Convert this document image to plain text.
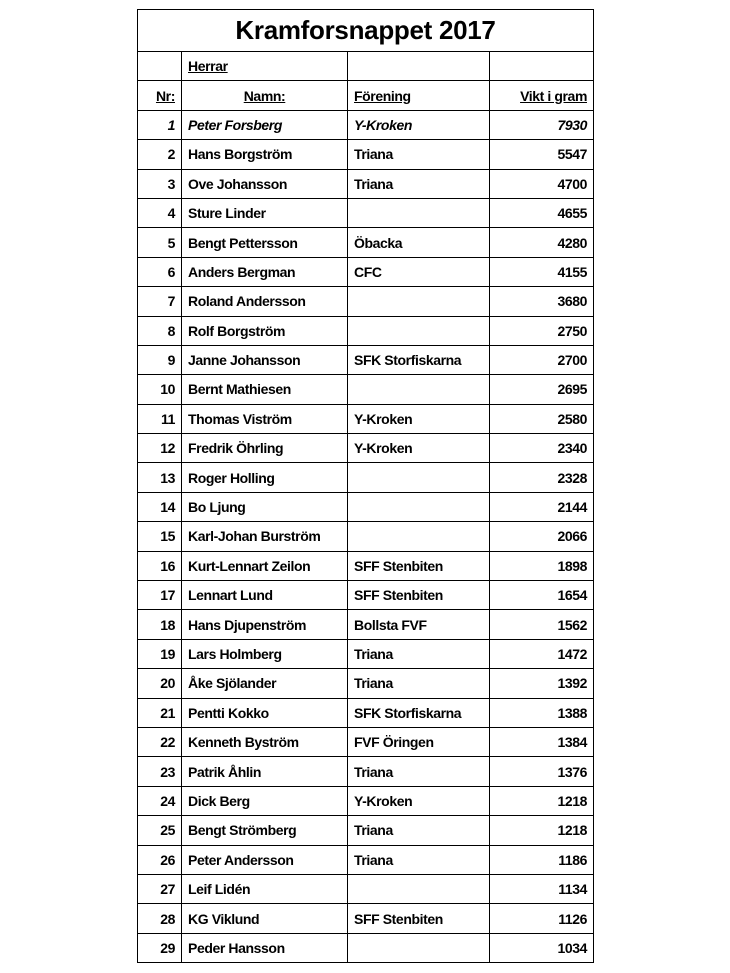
Kramforsnappet 2017			
	Herrar		
Nr:	Namn:	Förening	Vikt i gram
1	Peter Forsberg	Y-Kroken	7930
2	Hans Borgström	Triana	5547
3	Ove Johansson	Triana	4700
4	Sture Linder		4655
5	Bengt Pettersson	Öbacka	4280
6	Anders Bergman	CFC	4155
7	Roland Andersson		3680
8	Rolf Borgström		2750
9	Janne Johansson	SFK Storfiskarna	2700
10	Bernt Mathiesen		2695
11	Thomas Viström	Y-Kroken	2580
12	Fredrik Öhrling	Y-Kroken	2340
13	Roger Holling		2328
14	Bo Ljung		2144
15	Karl-Johan Burström		2066
16	Kurt-Lennart Zeilon	SFF Stenbiten	1898
17	Lennart Lund	SFF Stenbiten	1654
18	Hans Djupenström	Bollsta FVF	1562
19	Lars Holmberg	Triana	1472
20	Åke Sjölander	Triana	1392
21	Pentti Kokko	SFK Storfiskarna	1388
22	Kenneth Byström	FVF Öringen	1384
23	Patrik Åhlin	Triana	1376
24	Dick Berg	Y-Kroken	1218
25	Bengt Strömberg	Triana	1218
26	Peter Andersson	Triana	1186
27	Leif Lidén		1134
28	KG Viklund	SFF Stenbiten	1126
29	Peder Hansson		1034
